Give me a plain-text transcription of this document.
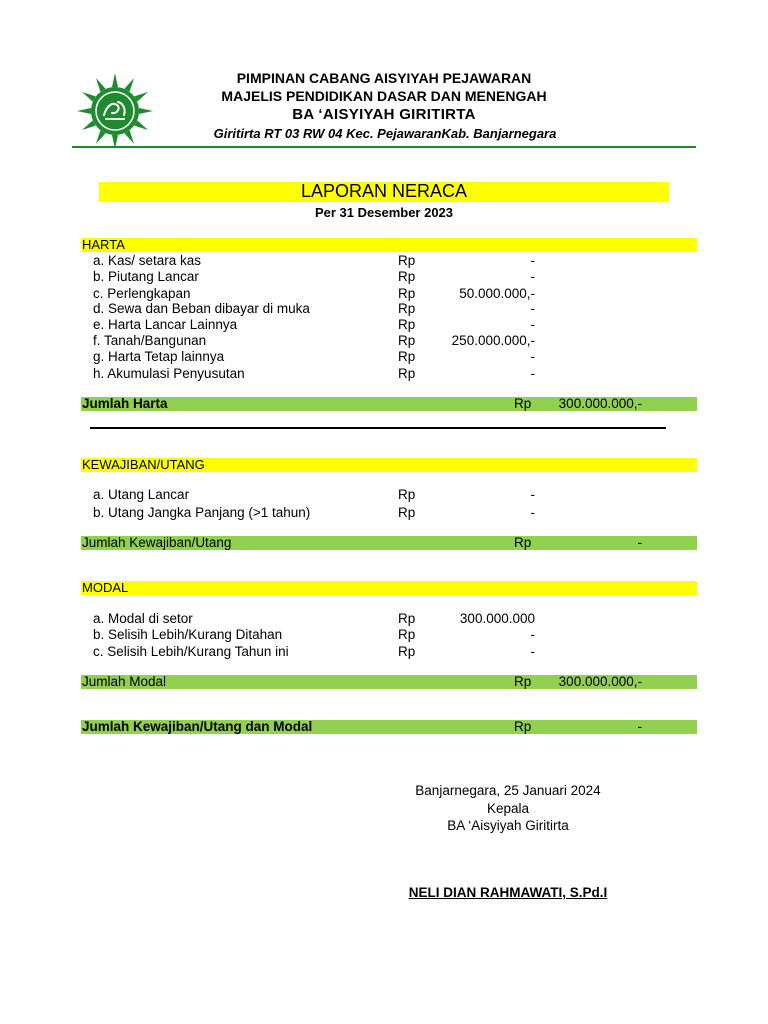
PIMPINAN CABANG AISYIYAH PEJAWARAN
MAJELIS PENDIDIKAN DASAR DAN MENENGAH
BA ‘AISYIYAH GIRITIRTA
Giritirta RT 03 RW 04 Kec. PejawaranKab. Banjarnegara
LAPORAN NERACA
Per 31 Desember 2023
HARTA
a. Kas/ setara kas	Rp	-
b. Piutang Lancar	Rp	-
c. Perlengkapan	Rp	50.000.000,-
d. Sewa dan Beban dibayar di muka	Rp	-
e. Harta Lancar Lainnya	Rp	-
f. Tanah/Bangunan	Rp	250.000.000,-
g. Harta Tetap lainnya	Rp	-
h. Akumulasi Penyusutan	Rp	-
Jumlah Harta	Rp 300.000.000,-
KEWAJIBAN/UTANG
a. Utang Lancar	Rp	-
b. Utang Jangka Panjang (>1 tahun)	Rp	-
Jumlah Kewajiban/Utang	Rp	-
MODAL
a. Modal di setor	Rp	300.000.000
b. Selisih Lebih/Kurang Ditahan	Rp	-
c. Selisih Lebih/Kurang Tahun ini	Rp	-
Jumlah Modal	Rp 300.000.000,-
Jumlah Kewajiban/Utang dan Modal	Rp	-
Banjarnegara, 25 Januari 2024
Kepala
BA ‘Aisyiyah Giritirta
NELI DIAN RAHMAWATI, S.Pd.I
